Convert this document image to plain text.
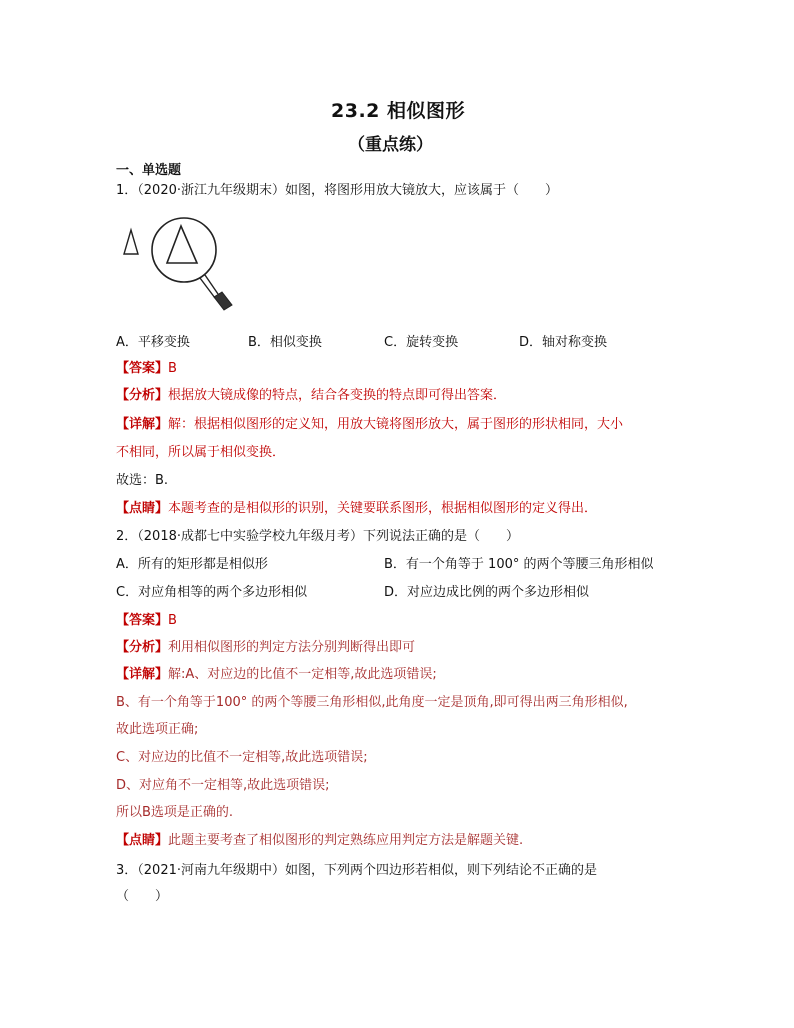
23.2 相似图形
（重点练）
一、单选题
1．（2020·浙江九年级期末）如图，将图形用放大镜放大，应该属于（　　）
A．平移变换	B．相似变换	C．旋转变换	D．轴对称变换
【答案】B
【分析】根据放大镜成像的特点，结合各变换的特点即可得出答案．
【详解】解：根据相似图形的定义知，用放大镜将图形放大，属于图形的形状相同，大小
不相同，所以属于相似变换．
故选：B.
【点睛】本题考查的是相似形的识别，关键要联系图形，根据相似图形的定义得出．
2．（2018·成都七中实验学校九年级月考）下列说法正确的是（　　）
A．所有的矩形都是相似形	B．有一个角等于 100° 的两个等腰三角形相似
C．对应角相等的两个多边形相似	D．对应边成比例的两个多边形相似
【答案】B
【分析】利用相似图形的判定方法分别判断得出即可
【详解】解:A、对应边的比值不一定相等,故此选项错误;
B、有一个角等于100° 的两个等腰三角形相似,此角度一定是顶角,即可得出两三角形相似,
故此选项正确;
C、对应边的比值不一定相等,故此选项错误;
D、对应角不一定相等,故此选项错误;
所以B选项是正确的.
【点睛】此题主要考查了相似图形的判定熟练应用判定方法是解题关键.
3．（2021·河南九年级期中）如图，下列两个四边形若相似，则下列结论不正确的是
（　　）
